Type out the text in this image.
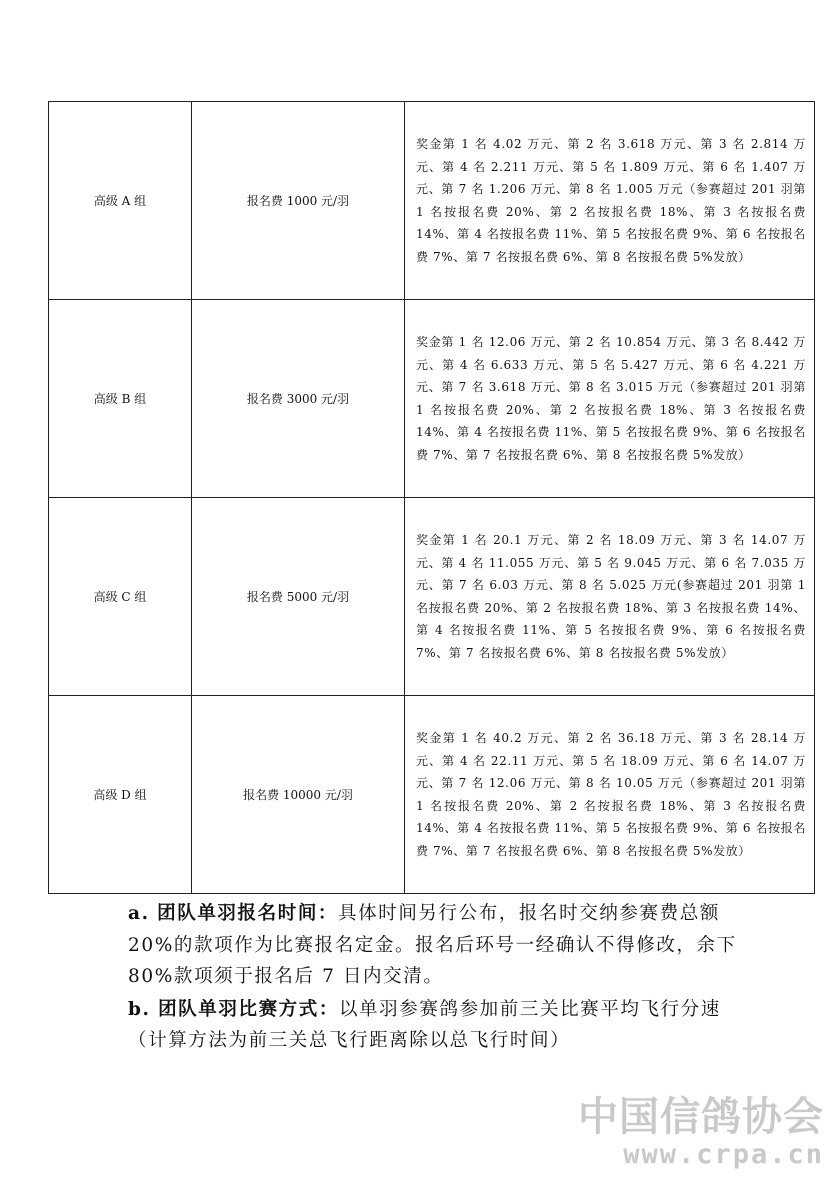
高级 A 组	报名费 1000 元/羽	奖金第 1 名 4.02 万元、第 2 名 3.618 万元、第 3 名 2.814 万元、第 4 名 2.211 万元、第 5 名 1.809 万元、第 6 名 1.407 万元、第 7 名 1.206 万元、第 8 名 1.005 万元（参赛超过 201 羽第 1 名按报名费 20%、第 2 名按报名费 18%、第 3 名按报名费 14%、第 4 名按报名费 11%、第 5 名按报名费 9%、第 6 名按报名费 7%、第 7 名按报名费 6%、第 8 名按报名费 5%发放）
高级 B 组	报名费 3000 元/羽	奖金第 1 名 12.06 万元、第 2 名 10.854 万元、第 3 名 8.442 万元、第 4 名 6.633 万元、第 5 名 5.427 万元、第 6 名 4.221 万元、第 7 名 3.618 万元、第 8 名 3.015 万元（参赛超过 201 羽第 1 名按报名费 20%、第 2 名按报名费 18%、第 3 名按报名费 14%、第 4 名按报名费 11%、第 5 名按报名费 9%、第 6 名按报名费 7%、第 7 名按报名费 6%、第 8 名按报名费 5%发放）
高级 C 组	报名费 5000 元/羽	奖金第 1 名 20.1 万元、第 2 名 18.09 万元、第 3 名 14.07 万元、第 4 名 11.055 万元、第 5 名 9.045 万元、第 6 名 7.035 万元、第 7 名 6.03 万元、第 8 名 5.025 万元(参赛超过 201 羽第 1 名按报名费 20%、第 2 名按报名费 18%、第 3 名按报名费 14%、第 4 名按报名费 11%、第 5 名按报名费 9%、第 6 名按报名费 7%、第 7 名按报名费 6%、第 8 名按报名费 5%发放）
高级 D 组	报名费 10000 元/羽	奖金第 1 名 40.2 万元、第 2 名 36.18 万元、第 3 名 28.14 万元、第 4 名 22.11 万元、第 5 名 18.09 万元、第 6 名 14.07 万元、第 7 名 12.06 万元、第 8 名 10.05 万元（参赛超过 201 羽第 1 名按报名费 20%、第 2 名按报名费 18%、第 3 名按报名费 14%、第 4 名按报名费 11%、第 5 名按报名费 9%、第 6 名按报名费 7%、第 7 名按报名费 6%、第 8 名按报名费 5%发放）

a. 团队单羽报名时间：具体时间另行公布，报名时交纳参赛费总额 20%的款项作为比赛报名定金。报名后环号一经确认不得修改，余下 80%款项须于报名后 7 日内交清。

b. 团队单羽比赛方式：以单羽参赛鸽参加前三关比赛平均飞行分速（计算方法为前三关总飞行距离除以总飞行时间）

中国信鸽协会
www.crpa.cn
